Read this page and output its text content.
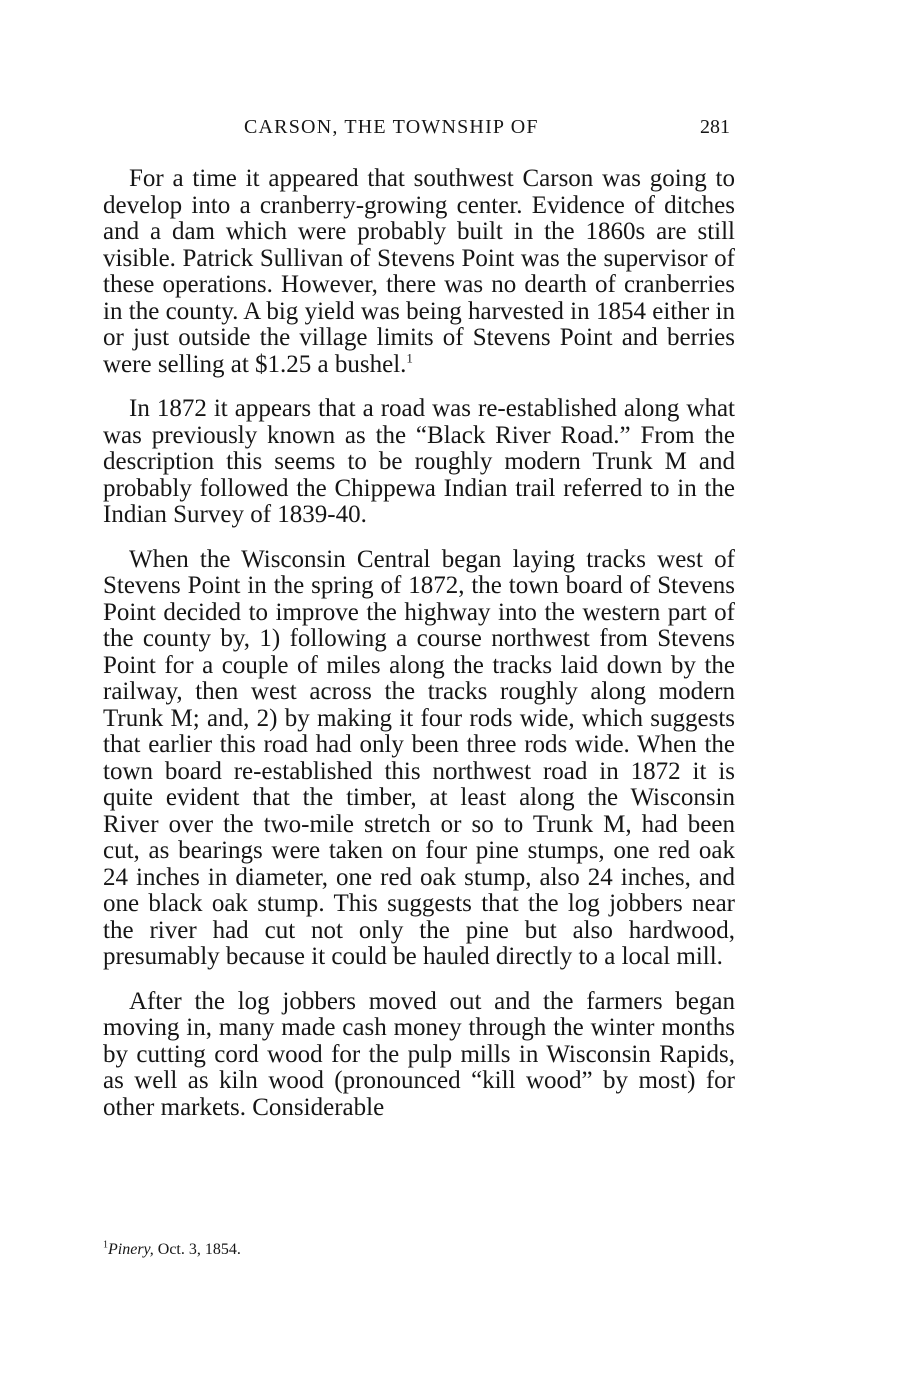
CARSON, THE TOWNSHIP OF	281

For a time it appeared that southwest Carson was going to develop into a cranberry-growing center. Evidence of ditches and a dam which were probably built in the 1860s are still visible. Patrick Sullivan of Stevens Point was the supervisor of these operations. However, there was no dearth of cranberries in the county. A big yield was being harvested in 1854 either in or just outside the village limits of Stevens Point and berries were selling at $1.25 a bushel.$^1$

In 1872 it appears that a road was re-established along what was previously known as the “Black River Road.” From the description this seems to be roughly modern Trunk M and probably followed the Chippewa Indian trail referred to in the Indian Survey of 1839-40.

When the Wisconsin Central began laying tracks west of Stevens Point in the spring of 1872, the town board of Stevens Point decided to improve the highway into the western part of the county by, 1) following a course northwest from Stevens Point for a couple of miles along the tracks laid down by the railway, then west across the tracks roughly along modern Trunk M; and, 2) by making it four rods wide, which suggests that earlier this road had only been three rods wide. When the town board re-established this northwest road in 1872 it is quite evident that the timber, at least along the Wisconsin River over the two-mile stretch or so to Trunk M, had been cut, as bearings were taken on four pine stumps, one red oak 24 inches in diameter, one red oak stump, also 24 inches, and one black oak stump. This suggests that the log jobbers near the river had cut not only the pine but also hardwood, presumably because it could be hauled directly to a local mill.

After the log jobbers moved out and the farmers began moving in, many made cash money through the winter months by cutting cord wood for the pulp mills in Wisconsin Rapids, as well as kiln wood (pronounced “kill wood” by most) for other markets. Considerable

$^1$Pinery, Oct. 3, 1854.
